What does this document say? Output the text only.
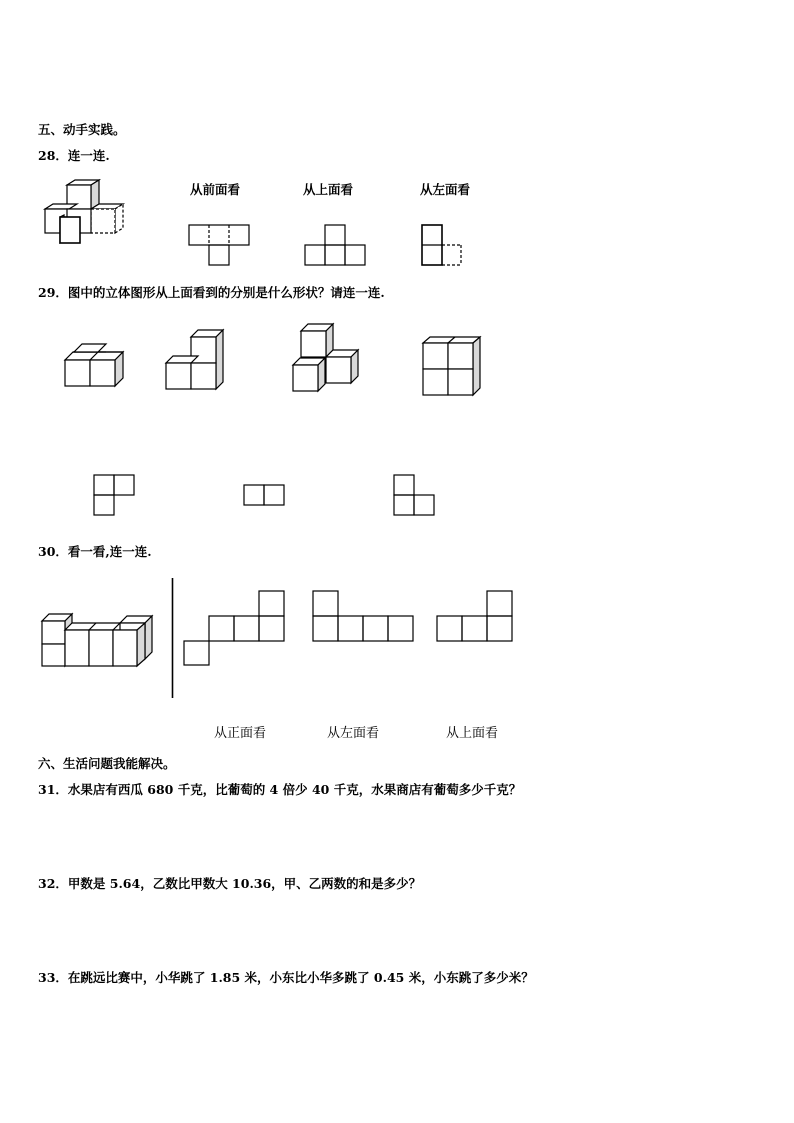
五、动手实践。
28．连一连.
从前面看	从上面看	从左面看
29．图中的立体图形从上面看到的分别是什么形状？请连一连.
30．看一看,连一连.
从正面看	从左面看	从上面看
六、生活问题我能解决。
31．水果店有西瓜 680 千克，比葡萄的 4 倍少 40 千克，水果商店有葡萄多少千克？
32．甲数是 5.64，乙数比甲数大 10.36，甲、乙两数的和是多少？
33．在跳远比赛中，小华跳了 1.85 米，小东比小华多跳了 0.45 米，小东跳了多少米？
